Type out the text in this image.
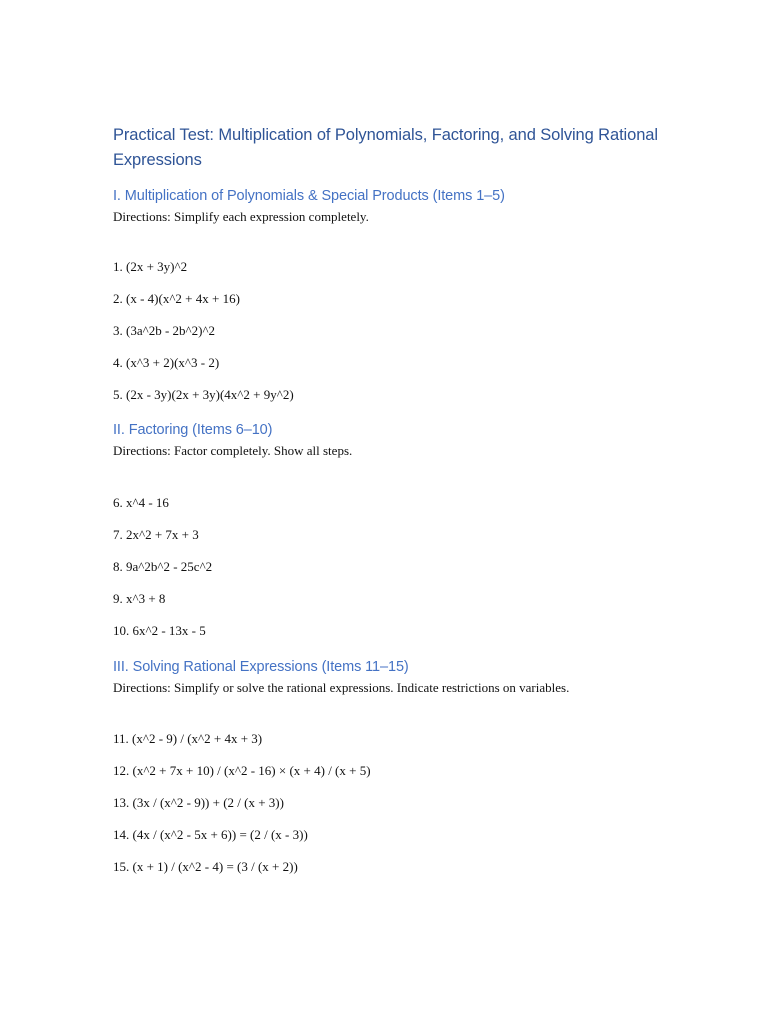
Practical Test: Multiplication of Polynomials, Factoring, and Solving Rational Expressions
I. Multiplication of Polynomials & Special Products (Items 1–5)

Directions: Simplify each expression completely.

1. (2x + 3y)^2
2. (x - 4)(x^2 + 4x + 16)
3. (3a^2b - 2b^2)^2
4. (x^3 + 2)(x^3 - 2)
5. (2x - 3y)(2x + 3y)(4x^2 + 9y^2)
II. Factoring (Items 6–10)

Directions: Factor completely. Show all steps.

6. x^4 - 16
7. 2x^2 + 7x + 3
8. 9a^2b^2 - 25c^2
9. x^3 + 8
10. 6x^2 - 13x - 5
III. Solving Rational Expressions (Items 11–15)

Directions: Simplify or solve the rational expressions. Indicate restrictions on variables.

11. (x^2 - 9) / (x^2 + 4x + 3)
12. (x^2 + 7x + 10) / (x^2 - 16) × (x + 4) / (x + 5)
13. (3x / (x^2 - 9)) + (2 / (x + 3))
14. (4x / (x^2 - 5x + 6)) = (2 / (x - 3))
15. (x + 1) / (x^2 - 4) = (3 / (x + 2))
